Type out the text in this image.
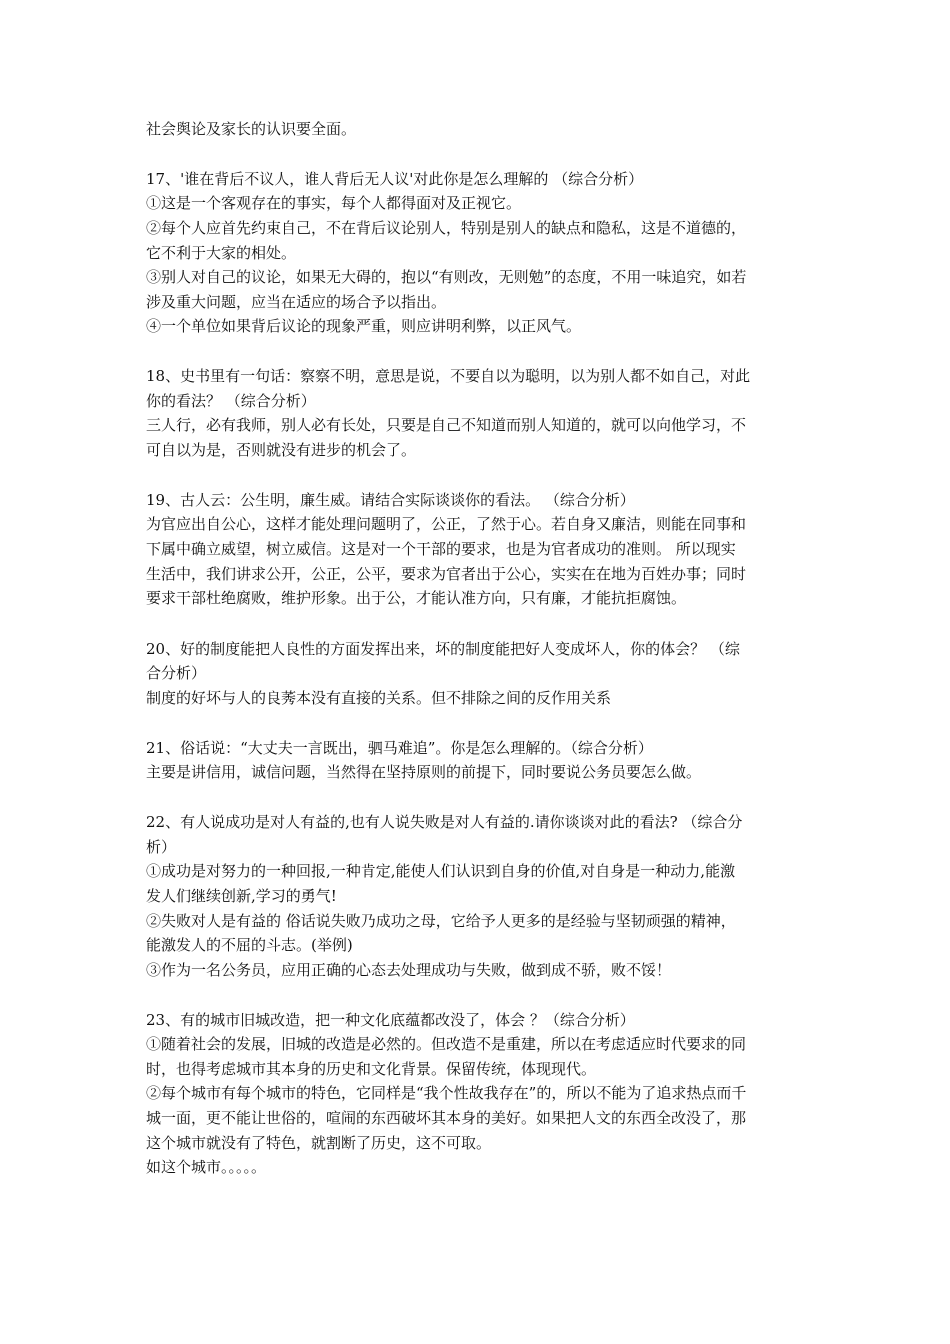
社会舆论及家长的认识要全面。
17、'谁在背后不议人，谁人背后无人议'对此你是怎么理解的 （综合分析）
①这是一个客观存在的事实，每个人都得面对及正视它。
②每个人应首先约束自己，不在背后议论别人，特别是别人的缺点和隐私，这是不道德的，
它不利于大家的相处。
③别人对自己的议论，如果无大碍的，抱以“有则改，无则勉”的态度，不用一味追究，如若
涉及重大问题，应当在适应的场合予以指出。
④一个单位如果背后议论的现象严重，则应讲明利弊，以正风气。
18、史书里有一句话：察察不明，意思是说，不要自以为聪明，以为别人都不如自己，对此
你的看法？ （综合分析）
三人行，必有我师，别人必有长处，只要是自己不知道而别人知道的，就可以向他学习，不
可自以为是，否则就没有进步的机会了。
19、古人云：公生明，廉生威。请结合实际谈谈你的看法。 （综合分析）
为官应出自公心，这样才能处理问题明了，公正，了然于心。若自身又廉洁，则能在同事和
下属中确立威望，树立威信。这是对一个干部的要求，也是为官者成功的准则。 所以现实
生活中，我们讲求公开，公正，公平，要求为官者出于公心，实实在在地为百姓办事；同时
要求干部杜绝腐败，维护形象。出于公，才能认准方向，只有廉，才能抗拒腐蚀。
20、好的制度能把人良性的方面发挥出来，坏的制度能把好人变成坏人，你的体会？ （综
合分析）
制度的好坏与人的良莠本没有直接的关系。但不排除之间的反作用关系
21、俗话说：“大丈夫一言既出，驷马难追”。你是怎么理解的。（综合分析）
主要是讲信用，诚信问题，当然得在坚持原则的前提下，同时要说公务员要怎么做。
22、有人说成功是对人有益的,也有人说失败是对人有益的.请你谈谈对此的看法? （综合分
析）
①成功是对努力的一种回报,一种肯定,能使人们认识到自身的价值,对自身是一种动力,能激
发人们继续创新,学习的勇气!
②失败对人是有益的 俗话说失败乃成功之母，它给予人更多的是经验与坚韧顽强的精神，
能激发人的不屈的斗志。(举例)
③作为一名公务员，应用正确的心态去处理成功与失败，做到成不骄，败不馁！
23、有的城市旧城改造，把一种文化底蕴都改没了，体会 ？（综合分析）
①随着社会的发展，旧城的改造是必然的。但改造不是重建，所以在考虑适应时代要求的同
时，也得考虑城市其本身的历史和文化背景。保留传统，体现现代。
②每个城市有每个城市的特色，它同样是“我个性故我存在”的，所以不能为了追求热点而千
城一面，更不能让世俗的，喧闹的东西破坏其本身的美好。如果把人文的东西全改没了，那
这个城市就没有了特色，就割断了历史，这不可取。
如这个城市。。。。。
